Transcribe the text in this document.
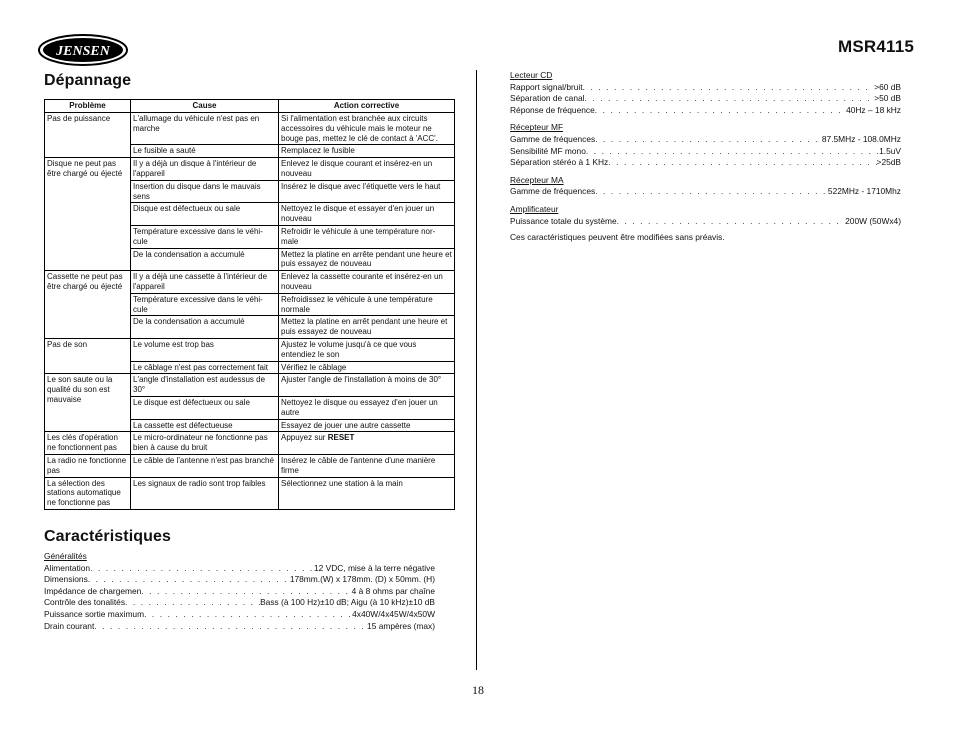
JENSEN	MSR4115
Dépannage
Problème	Cause	Action corrective
Pas de puissance	L'allumage du véhicule n'est pas en marche	Si l'alimentation est branchée aux circuits accessoires du véhicule mais le moteur ne bouge pas, mettez le clé de contact à 'ACC'.
	Le fusible a sauté	Remplacez le fusible
Disque ne peut pas être chargé ou éjecté	Il y a déjà un disque à l'intérieur de l'appareil	Enlevez le disque courant et insérez-en un nouveau
	Insertion du disque dans le mauvais sens	Insérez le disque avec l'étiquette vers le haut
	Disque est défectueux ou sale	Nettoyez le disque et essayer d'en jouer un nouveau
	Température excessive dans le véhi-cule	Refroidir le véhicule à une température nor-male
	De la condensation a accumulé	Mettez la platine en arrête pendant une heure et puis essayez de nouveau
Cassette ne peut pas être chargé ou éjecté	Il y a déjà une cassette à l'intérieur de l'appareil	Enlevez la cassette courante et insérez-en un nouveau
	Température excessive dans le véhi-cule	Refroidissez le véhicule à une température normale
	De la condensation a accumulé	Mettez la platine en arrêt pendant une heure et puis essayez de nouveau
Pas de son	Le volume est trop bas	Ajustez le volume jusqu'à ce que vous entendiez le son
	Le câblage n'est pas correctement fait	Vérifiez le câblage
Le son saute ou la qualité du son est mauvaise	L'angle d'installation est audessus de 30°	Ajuster l'angle de l'installation à moins de 30°
	Le disque est défectueux ou sale	Nettoyez le disque ou essayez d'en jouer un autre
	La cassette est défectueuse	Essayez de jouer une autre cassette
Les clés d'opération ne fonctionnent pas	Le micro-ordinateur ne fonctionne pas bien à cause du bruit	Appuyez sur RESET
La radio ne fonctionne pas	Le câble de l'antenne n'est pas branché	Insérez le câble de l'antenne d'une manière firme
La sélection des stations automatique ne fonctionne pas	Les signaux de radio sont trop faibles	Sélectionnez une station à la main
Caractéristiques
Généralités
Alimentation . . .	12 VDC, mise à la terre négative
Dimensions . . .	178mm.(W) x 178mm. (D) x 50mm. (H)
Impédance de chargemen . . .	4 à 8 ohms par chaîne
Contrôle des tonalités . . .	Bass (à 100 Hz)±10 dB; Aigu (à 10 kHz)±10 dB
Puissance sortie maximum . . .	4x40W/4x45W/4x50W
Drain courant . . .	15 ampères (max)
Lecteur CD
Rapport signal/bruit . . .	>60 dB
Séparation de canal . . .	>50 dB
Réponse de fréquence . . .	40Hz – 18 kHz
Récepteur MF
Gamme de fréquences . . .	87.5MHz - 108.0MHz
Sensibilité MF mono . . .	1.5uV
Séparation stéréo à 1 KHz . . .	>25dB
Récepteur MA
Gamme de fréquences . . .	522MHz - 1710Mhz
Amplificateur
Puissance totale du système . . .	200W (50Wx4)
Ces caractéristiques peuvent être modifiées sans préavis.
18
